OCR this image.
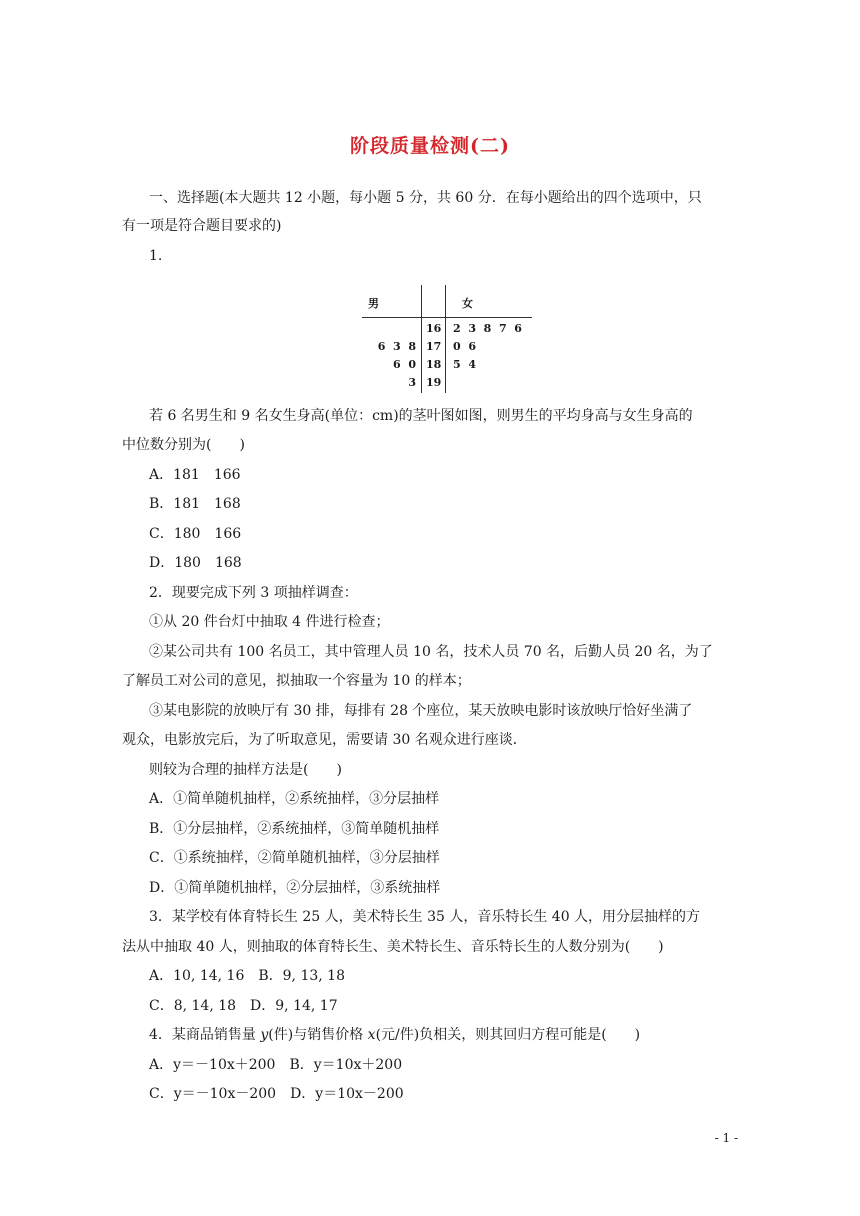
阶段质量检测(二)
一、选择题(本大题共 12 小题，每小题 5 分，共 60 分．在每小题给出的四个选项中，只
有一项是符合题目要求的)
1.
男	女
16 2  3  8  7  6
6  3  8 17 0  6
6  0 18 5  4
3 19
若 6 名男生和 9 名女生身高(单位：cm)的茎叶图如图，则男生的平均身高与女生身高的
中位数分别为(　　)
A．181　166
B．181　168
C．180　166
D．180　168
2．现要完成下列 3 项抽样调查：
①从 20 件台灯中抽取 4 件进行检查；
②某公司共有 100 名员工，其中管理人员 10 名，技术人员 70 名，后勤人员 20 名，为了
了解员工对公司的意见，拟抽取一个容量为 10 的样本；
③某电影院的放映厅有 30 排，每排有 28 个座位，某天放映电影时该放映厅恰好坐满了
观众，电影放完后，为了听取意见，需要请 30 名观众进行座谈．
则较为合理的抽样方法是(　　)
A．①简单随机抽样，②系统抽样，③分层抽样
B．①分层抽样，②系统抽样，③简单随机抽样
C．①系统抽样，②简单随机抽样，③分层抽样
D．①简单随机抽样，②分层抽样，③系统抽样
3．某学校有体育特长生 25 人，美术特长生 35 人，音乐特长生 40 人，用分层抽样的方
法从中抽取 40 人，则抽取的体育特长生、美术特长生、音乐特长生的人数分别为(　　)
A．10, 14, 16　B．9, 13, 18
C．8, 14, 18　D．9, 14, 17
4．某商品销售量 y(件)与销售价格 x(元/件)负相关，则其回归方程可能是(　　)
A．y＝－10x＋200　 B．y＝10x＋200
C．y＝－10x－200　 D．y＝10x－200
- 1 -
